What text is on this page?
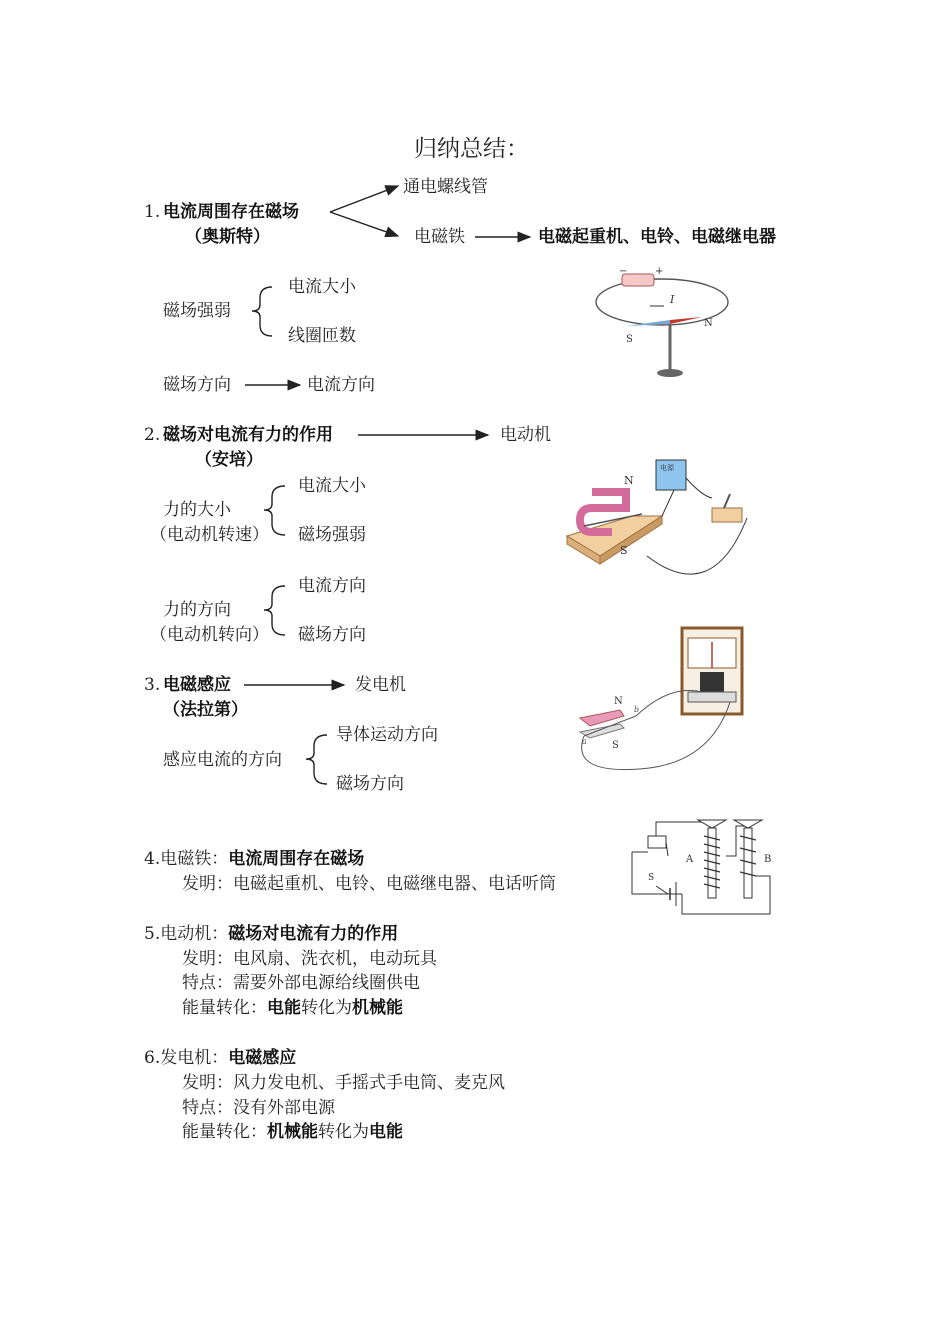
归纳总结：
1. 电流周围存在磁场
（奥斯特）
通电螺线管
电磁铁	电磁起重机、电铃、电磁继电器
磁场强弱
电流大小
线圈匝数
磁场方向	电流方向
2. 磁场对电流有力的作用
（安培）
电动机
力的大小
（电动机转速）
电流大小
磁场强弱
力的方向
（电动机转向）
电流方向
磁场方向
3. 电磁感应
（法拉第）
发电机
感应电流的方向
导体运动方向
磁场方向
4.电磁铁：电流周围存在磁场
发明：电磁起重机、电铃、电磁继电器、电话听筒
5.电动机：磁场对电流有力的作用
发明：电风扇、洗衣机，电动玩具
特点：需要外部电源给线圈供电
能量转化：电能转化为机械能
6.发电机：电磁感应
发明：风力发电机、手摇式手电筒、麦克风
特点：没有外部电源
能量转化：机械能转化为电能
−	+
I
S
N
N
S
电源
N
S
a
b
S
A	B
